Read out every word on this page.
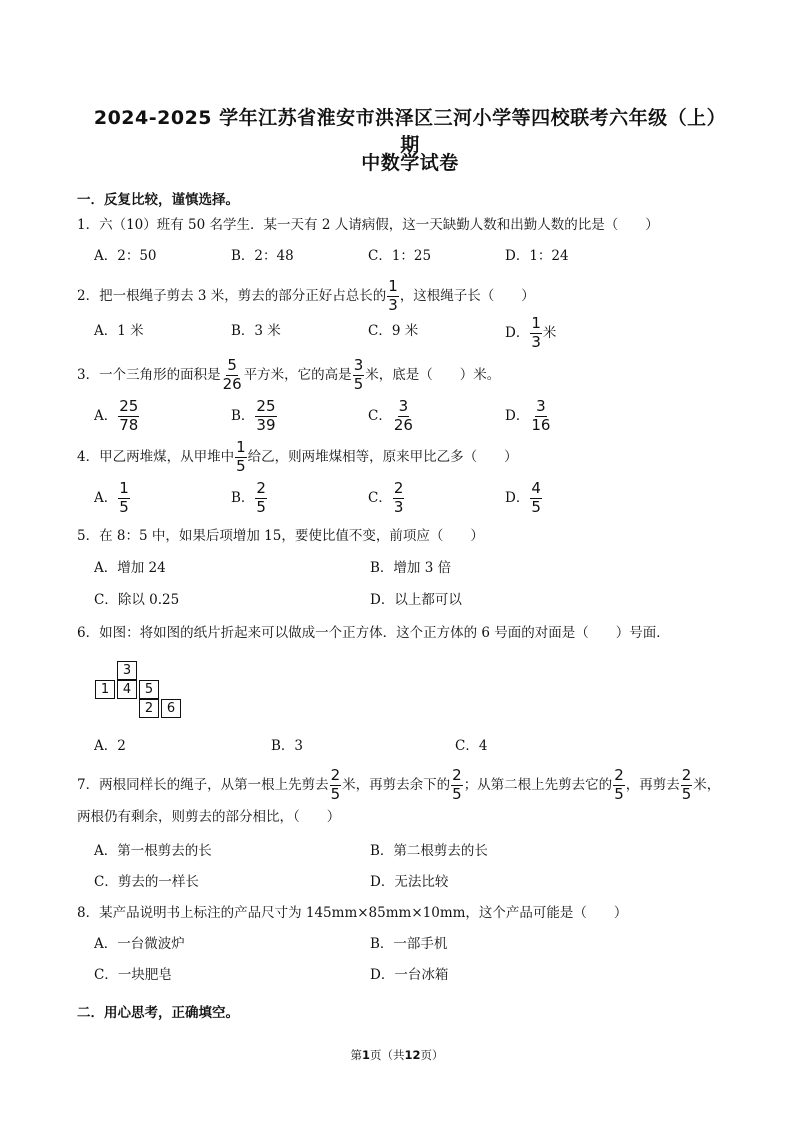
2024-2025 学年江苏省淮安市洪泽区三河小学等四校联考六年级（上）期
中数学试卷
一．反复比较，谨慎选择。
1．六（10）班有 50 名学生．某一天有 2 人请病假，这一天缺勤人数和出勤人数的比是（　　）
A．2：50	B．2：48	C．1：25	D．1：24
2．把一根绳子剪去 3 米，剪去的部分正好占总长的 $\frac{1}{3}$ ，这根绳子长（　　）
A．1 米	B．3 米	C．9 米	D． $\frac{1}{3}$ 米
3．一个三角形的面积是 $\frac{5}{26}$ 平方米，它的高是 $\frac{3}{5}$ 米，底是（　　）米。
A． $\frac{25}{78}$	B． $\frac{25}{39}$	C． $\frac{3}{26}$	D． $\frac{3}{16}$
4．甲乙两堆煤，从甲堆中 $\frac{1}{5}$ 给乙，则两堆煤相等，原来甲比乙多（　　）
A． $\frac{1}{5}$	B． $\frac{2}{5}$	C． $\frac{2}{3}$	D． $\frac{4}{5}$
5．在 8：5 中，如果后项增加 15，要使比值不变，前项应（　　）
A．增加 24	B．增加 3 倍
C．除以 0.25	D．以上都可以
6．如图：将如图的纸片折起来可以做成一个正方体．这个正方体的 6 号面的对面是（　　）号面．
3
1	4	5
2	6
A．2	B．3	C．4
7．两根同样长的绳子，从第一根上先剪去 $\frac{2}{5}$ 米，再剪去余下的 $\frac{2}{5}$ ；从第二根上先剪去它的 $\frac{2}{5}$ ，再剪去 $\frac{2}{5}$ 米，
两根仍有剩余，则剪去的部分相比，（　　）
A．第一根剪去的长	B．第二根剪去的长
C．剪去的一样长	D．无法比较
8．某产品说明书上标注的产品尺寸为 145mm×85mm×10mm，这个产品可能是（　　）
A．一台微波炉	B．一部手机
C．一块肥皂	D．一台冰箱
二．用心思考，正确填空。
第1页（共12页）
